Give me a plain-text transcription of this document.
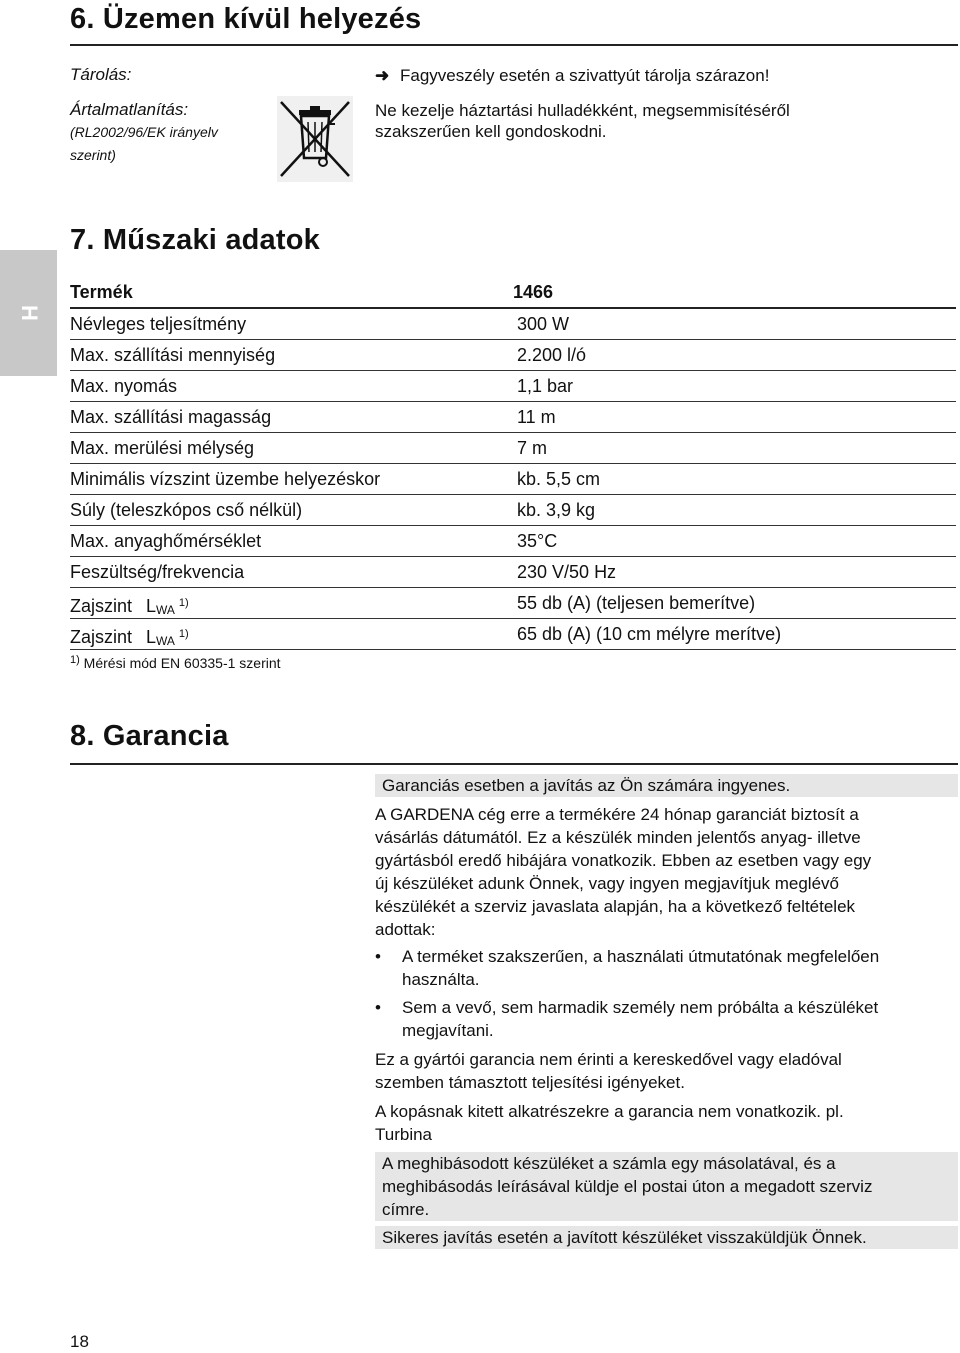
6. Üzemen kívül helyezés
Tárolás:	➜ Fagyveszély esetén a szivattyút tárolja szárazon!
Ártalmatlanítás:
(RL2002/96/EK irányelv
szerint)
Ne kezelje háztartási hulladékként, megsemmisítéséről
szakszerűen kell gondoskodni.
H
7. Műszaki adatok
Termék	1466
Névleges teljesítmény	300 W
Max. szállítási mennyiség	2.200 l/ó
Max. nyomás	1,1 bar
Max. szállítási magasság	11 m
Max. merülési mélység	7 m
Minimális vízszint üzembe helyezéskor	kb. 5,5 cm
Súly (teleszkópos cső nélkül)	kb. 3,9 kg
Max. anyaghőmérséklet	35°C
Feszültség/frekvencia	230 V/50 Hz
Zajszint LWA $^{1)}$	55 db (A) (teljesen bemerítve)
Zajszint LWA $^{1)}$	65 db (A) (10 cm mélyre merítve)
$^{1)}$ Mérési mód EN 60335-1 szerint
8. Garancia
Garanciás esetben a javítás az Ön számára ingyenes.
A GARDENA cég erre a termékére 24 hónap garanciát biztosít a
vásárlás dátumától. Ez a készülék minden jelentős anyag- illetve
gyártásból eredő hibájára vonatkozik. Ebben az esetben vagy egy
új készüléket adunk Önnek, vagy ingyen megjavítjuk meglévő
készülékét a szerviz javaslata alapján, ha a következő feltételek
adottak:
• A terméket szakszerűen, a használati útmutatónak megfelelően
használta.
• Sem a vevő, sem harmadik személy nem próbálta a készüléket
megjavítani.
Ez a gyártói garancia nem érinti a kereskedővel vagy eladóval
szemben támasztott teljesítési igényeket.
A kopásnak kitett alkatrészekre a garancia nem vonatkozik. pl.
Turbina
A meghibásodott készüléket a számla egy másolatával, és a
meghibásodás leírásával küldje el postai úton a megadott szerviz
címre.
Sikeres javítás esetén a javított készüléket visszaküldjük Önnek.
18
